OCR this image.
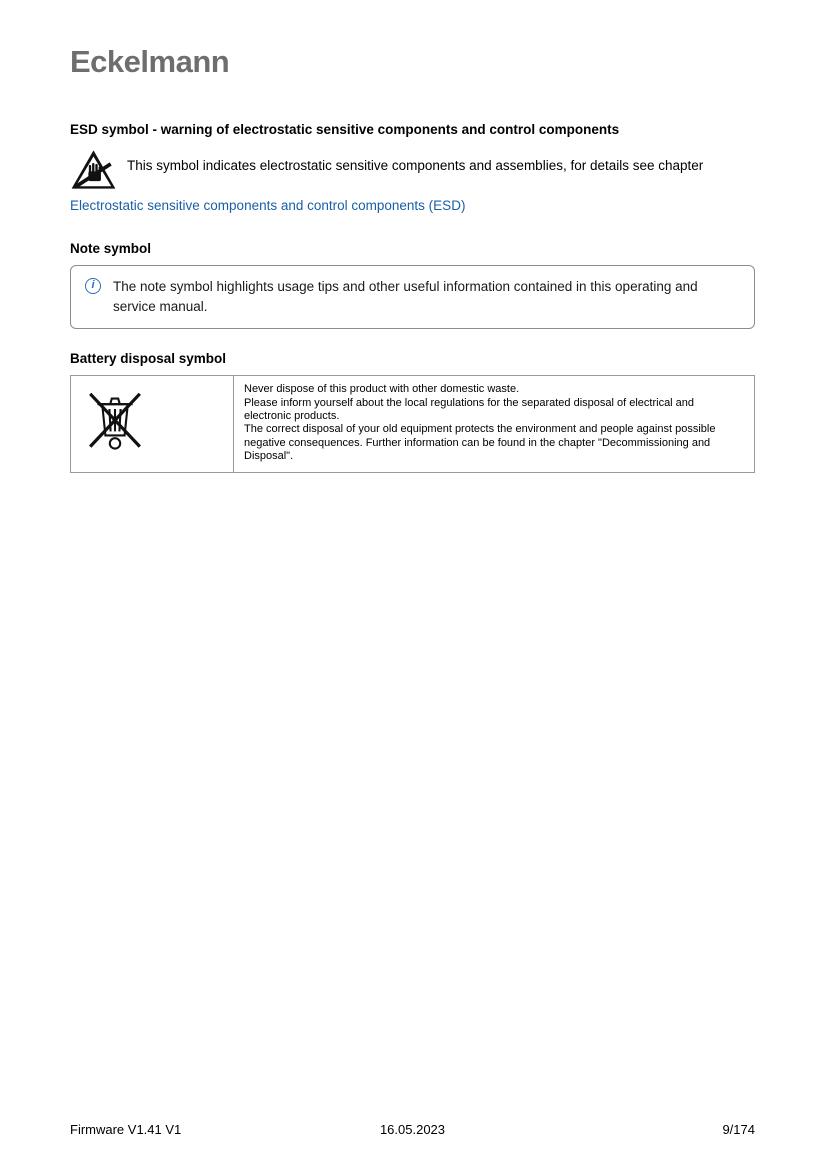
Eckelmann
ESD symbol - warning of electrostatic sensitive components and control components

This symbol indicates electrostatic sensitive components and assemblies, for details see chapter
Electrostatic sensitive components and control components (ESD)

Note symbol
i	The note symbol highlights usage tips and other useful information contained in this operating and service manual.
Battery disposal symbol

Never dispose of this product with other domestic waste.

Please inform yourself about the local regulations for the separated disposal of electrical and electronic products.

The correct disposal of your old equipment protects the environment and people against possible negative consequences. Further information can be found in the chapter "Decommissioning and Disposal".

Firmware V1.41 V1	16.05.2023	9/174
